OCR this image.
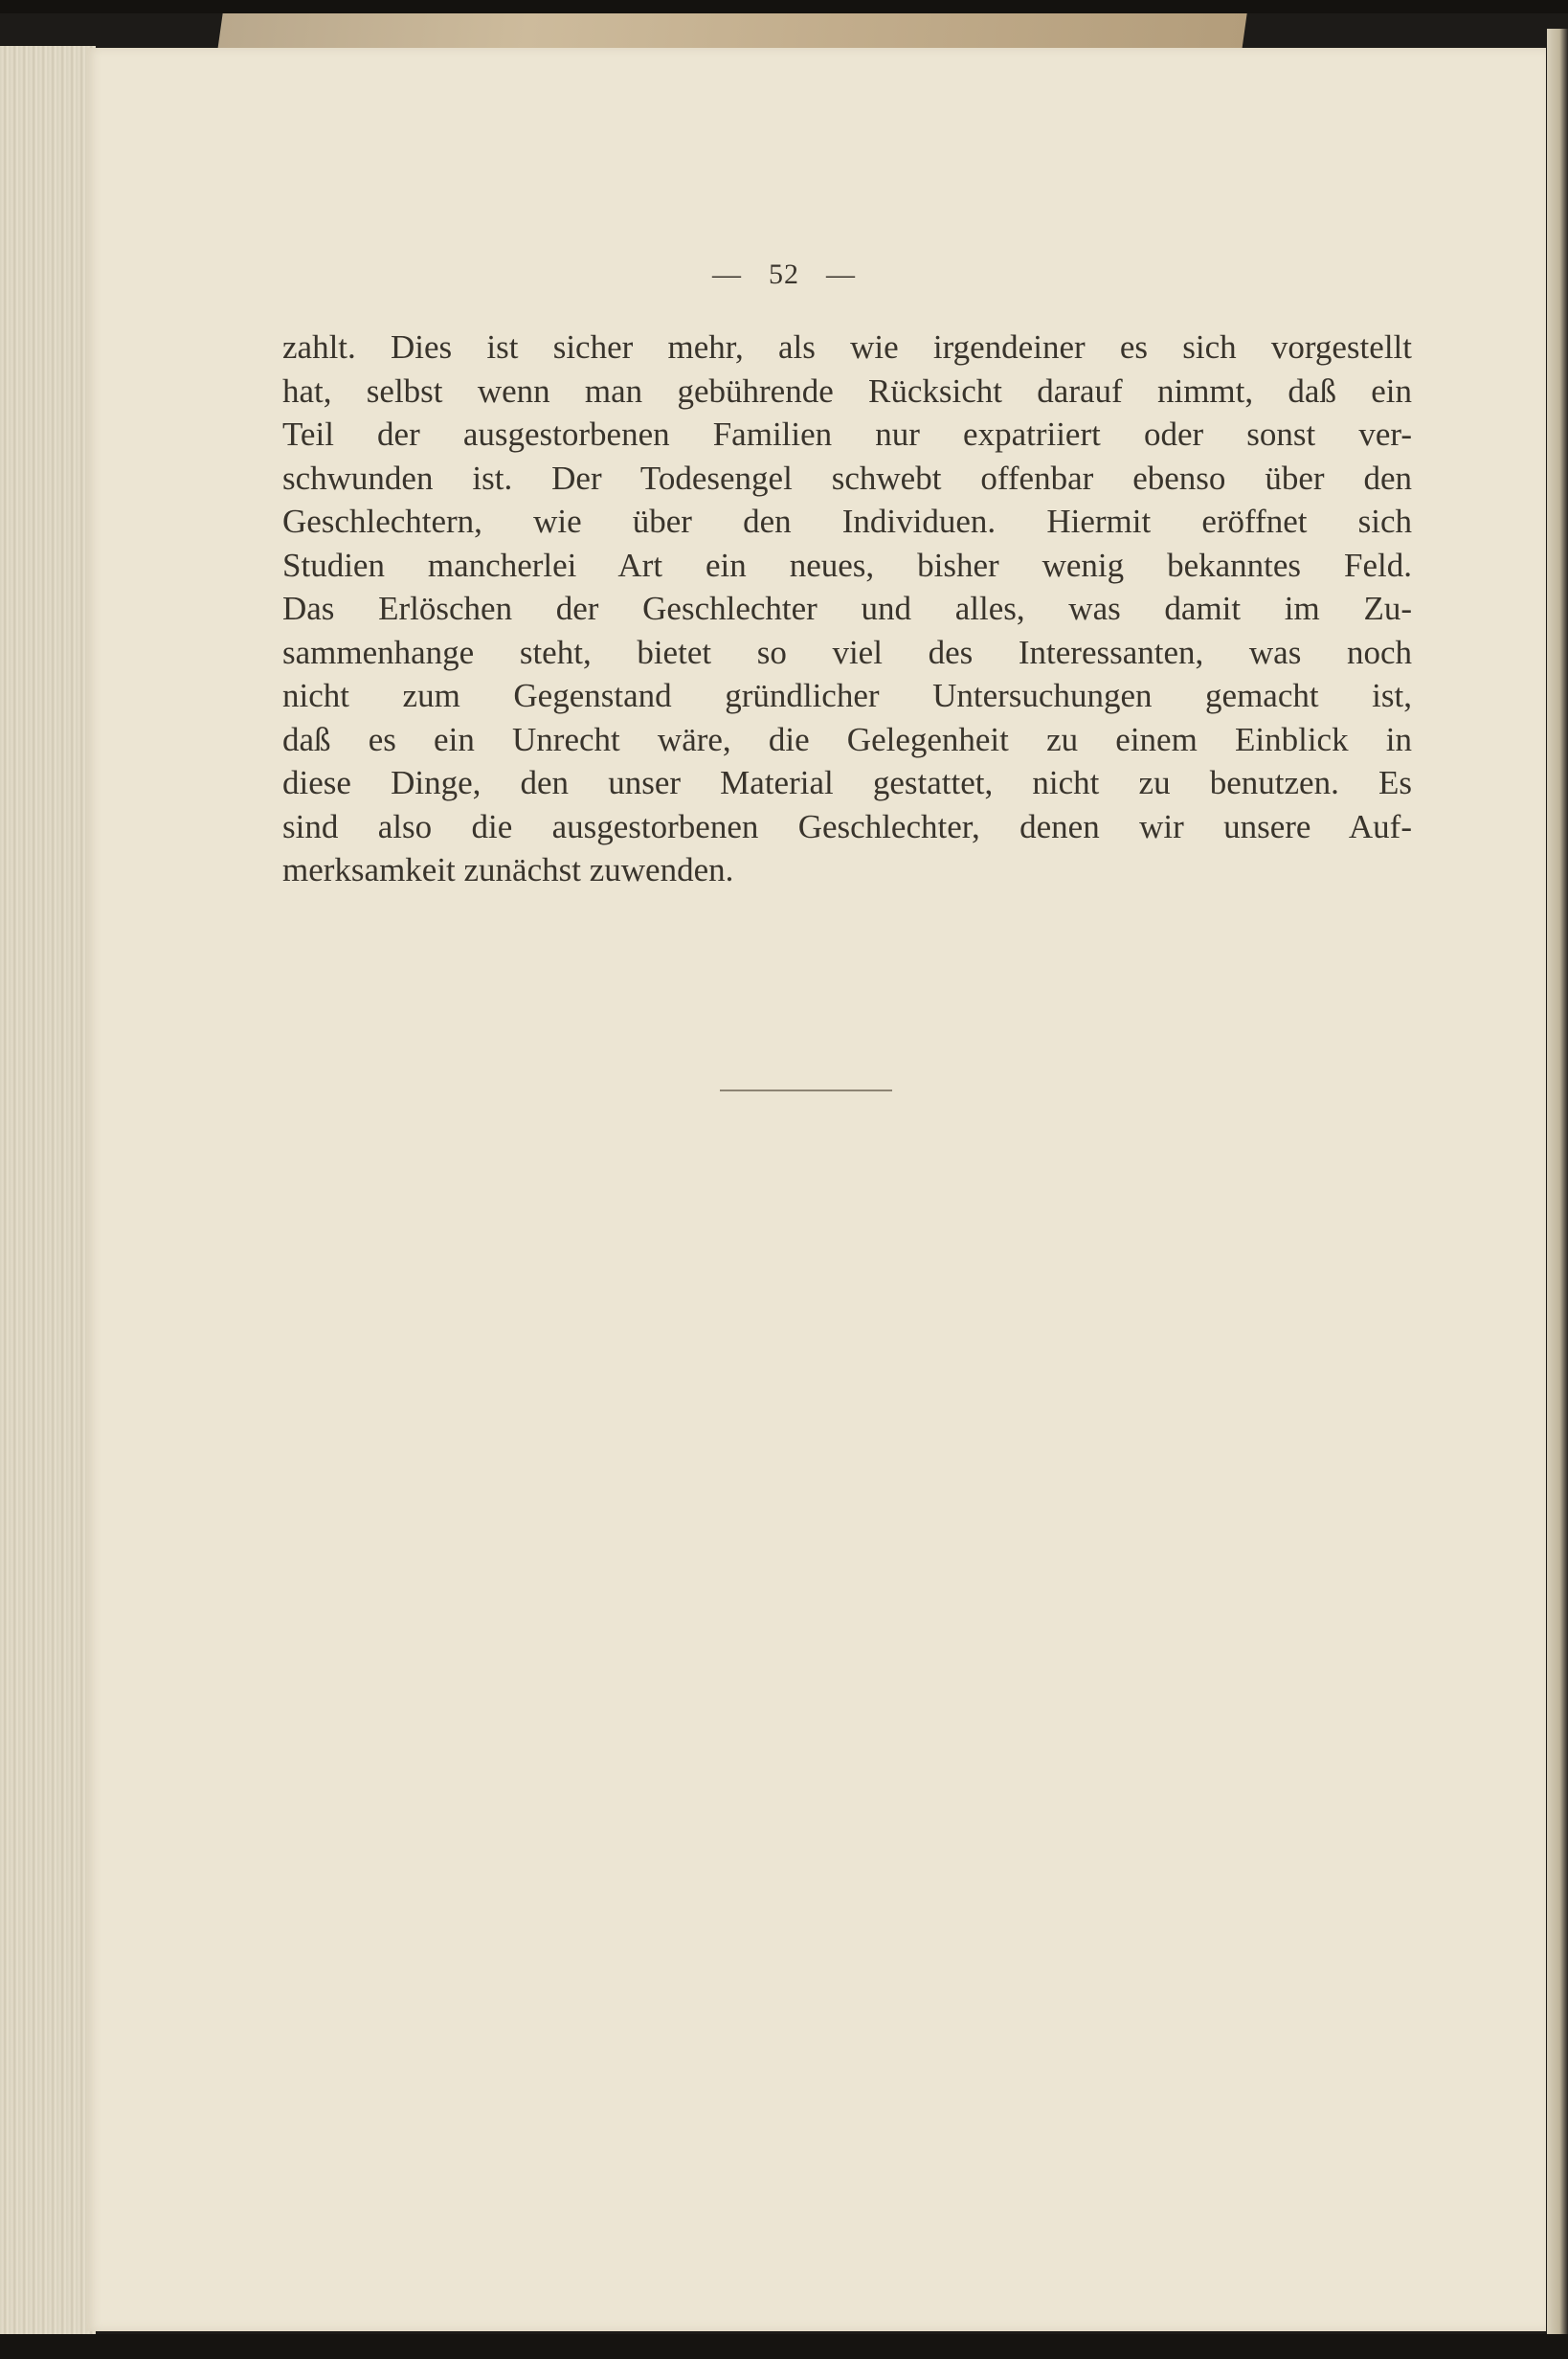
— 52 —
zahlt. Dies ist sicher mehr, als wie irgendeiner es sich vorgestellt
hat, selbst wenn man gebührende Rücksicht darauf nimmt, daß ein
Teil der ausgestorbenen Familien nur expatriiert oder sonst ver-
schwunden ist. Der Todesengel schwebt offenbar ebenso über den
Geschlechtern, wie über den Individuen. Hiermit eröffnet sich
Studien mancherlei Art ein neues, bisher wenig bekanntes Feld.
Das Erlöschen der Geschlechter und alles, was damit im Zu-
sammenhange steht, bietet so viel des Interessanten, was noch
nicht zum Gegenstand gründlicher Untersuchungen gemacht ist,
daß es ein Unrecht wäre, die Gelegenheit zu einem Einblick in
diese Dinge, den unser Material gestattet, nicht zu benutzen. Es
sind also die ausgestorbenen Geschlechter, denen wir unsere Auf-
merksamkeit zunächst zuwenden.
